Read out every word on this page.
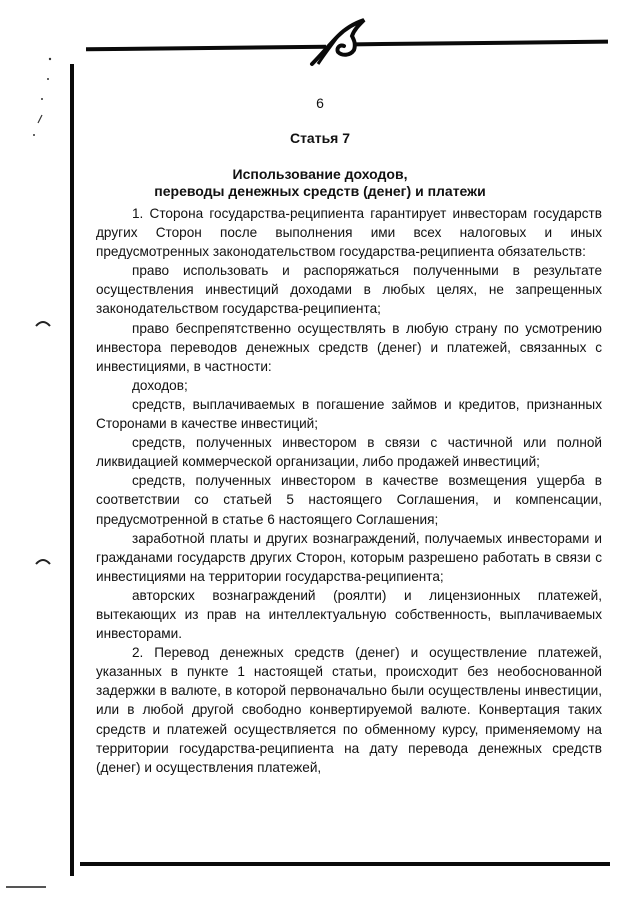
6
Статья 7
Использование доходов,
переводы денежных средств (денег) и платежи

1. Сторона государства-реципиента гарантирует инвесторам государств других Сторон после выполнения ими всех налоговых и иных предусмотренных законодательством государства-реципиента обязательств:

право использовать и распоряжаться полученными в результате осуществления инвестиций доходами в любых целях, не запрещенных законодательством государства-реципиента;

право беспрепятственно осуществлять в любую страну по усмотрению инвестора переводов денежных средств (денег) и платежей, связанных с инвестициями, в частности:

доходов;

средств, выплачиваемых в погашение займов и кредитов, признанных Сторонами в качестве инвестиций;

средств, полученных инвестором в связи с частичной или полной ликвидацией коммерческой организации, либо продажей инвестиций;

средств, полученных инвестором в качестве возмещения ущерба в соответствии со статьей 5 настоящего Соглашения, и компенсации, предусмотренной в статье 6 настоящего Соглашения;

заработной платы и других вознаграждений, получаемых инвесторами и гражданами государств других Сторон, которым разрешено работать в связи с инвестициями на территории государства-реципиента;

авторских вознаграждений (роялти) и лицензионных платежей, вытекающих из прав на интеллектуальную собственность, выплачиваемых инвесторами.

2. Перевод денежных средств (денег) и осуществление платежей, указанных в пункте 1 настоящей статьи, происходит без необоснованной задержки в валюте, в которой первоначально были осуществлены инвестиции, или в любой другой свободно конвертируемой валюте. Конвертация таких средств и платежей осуществляется по обменному курсу, применяемому на территории государства-реципиента на дату перевода денежных средств (денег) и осуществления платежей,
